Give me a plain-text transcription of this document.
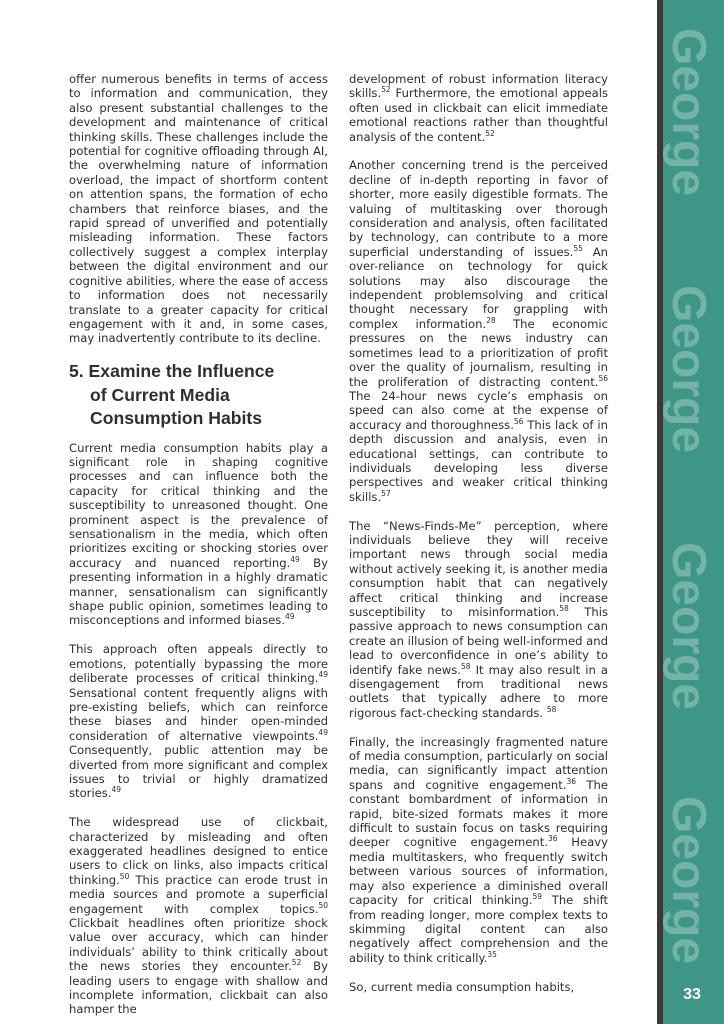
offer numerous benefits in terms of access to information and communication, they also present substantial challenges to the development and maintenance of critical thinking skills. These challenges include the potential for cognitive offloading through AI, the overwhelming nature of information overload, the impact of shortform content on attention spans, the formation of echo chambers that reinforce biases, and the rapid spread of unverified and potentially misleading information. These factors collectively suggest a complex interplay between the digital environment and our cognitive abilities, where the ease of access to information does not necessarily translate to a greater capacity for critical engagement with it and, in some cases, may inadvertently contribute to its decline.

5. Examine the Influence
of Current Media
Consumption Habits

Current media consumption habits play a significant role in shaping cognitive processes and can influence both the capacity for critical thinking and the susceptibility to unreasoned thought. One prominent aspect is the prevalence of sensationalism in the media, which often prioritizes exciting or shocking stories over accuracy and nuanced reporting.$^{49}$ By presenting information in a highly dramatic manner, sensationalism can significantly shape public opinion, sometimes leading to misconceptions and informed biases.$^{49}$

This approach often appeals directly to emotions, potentially bypassing the more deliberate processes of critical thinking.$^{49}$ Sensational content frequently aligns with pre-existing beliefs, which can reinforce these biases and hinder open-minded consideration of alternative viewpoints.$^{49}$ Consequently, public attention may be diverted from more significant and complex issues to trivial or highly dramatized stories.$^{49}$

The widespread use of clickbait, characterized by misleading and often exaggerated headlines designed to entice users to click on links, also impacts critical thinking.$^{50}$ This practice can erode trust in media sources and promote a superficial engagement with complex topics.$^{50}$ Clickbait headlines often prioritize shock value over accuracy, which can hinder individuals’ ability to think critically about the news stories they encounter.$^{52}$ By leading users to engage with shallow and incomplete information, clickbait can also hamper the

development of robust information literacy skills.$^{52}$ Furthermore, the emotional appeals often used in clickbait can elicit immediate emotional reactions rather than thoughtful analysis of the content.$^{52}$

Another concerning trend is the perceived decline of in-depth reporting in favor of shorter, more easily digestible formats. The valuing of multitasking over thorough consideration and analysis, often facilitated by technology, can contribute to a more superficial understanding of issues.$^{55}$ An over-reliance on technology for quick solutions may also discourage the independent problemsolving and critical thought necessary for grappling with complex information.$^{28}$ The economic pressures on the news industry can sometimes lead to a prioritization of profit over the quality of journalism, resulting in the proliferation of distracting content.$^{56}$ The 24-hour news cycle’s emphasis on speed can also come at the expense of accuracy and thoroughness.$^{56}$ This lack of in depth discussion and analysis, even in educational settings, can contribute to individuals developing less diverse perspectives and weaker critical thinking skills.$^{57}$

The “News-Finds-Me” perception, where individuals believe they will receive important news through social media without actively seeking it, is another media consumption habit that can negatively affect critical thinking and increase susceptibility to misinformation.$^{58}$ This passive approach to news consumption can create an illusion of being well-informed and lead to overconfidence in one’s ability to identify fake news.$^{58}$ It may also result in a disengagement from traditional news outlets that typically adhere to more rigorous fact-checking standards. $^{58}$

Finally, the increasingly fragmented nature of media consumption, particularly on social media, can significantly impact attention spans and cognitive engagement.$^{36}$ The constant bombardment of information in rapid, bite-sized formats makes it more difficult to sustain focus on tasks requiring deeper cognitive engagement.$^{36}$ Heavy media multitaskers, who frequently switch between various sources of information, may also experience a diminished overall capacity for critical thinking.$^{59}$ The shift from reading longer, more complex texts to skimming digital content can also negatively affect comprehension and the ability to think critically.$^{35}$

So, current media consumption habits,

George
George
George
George
33
